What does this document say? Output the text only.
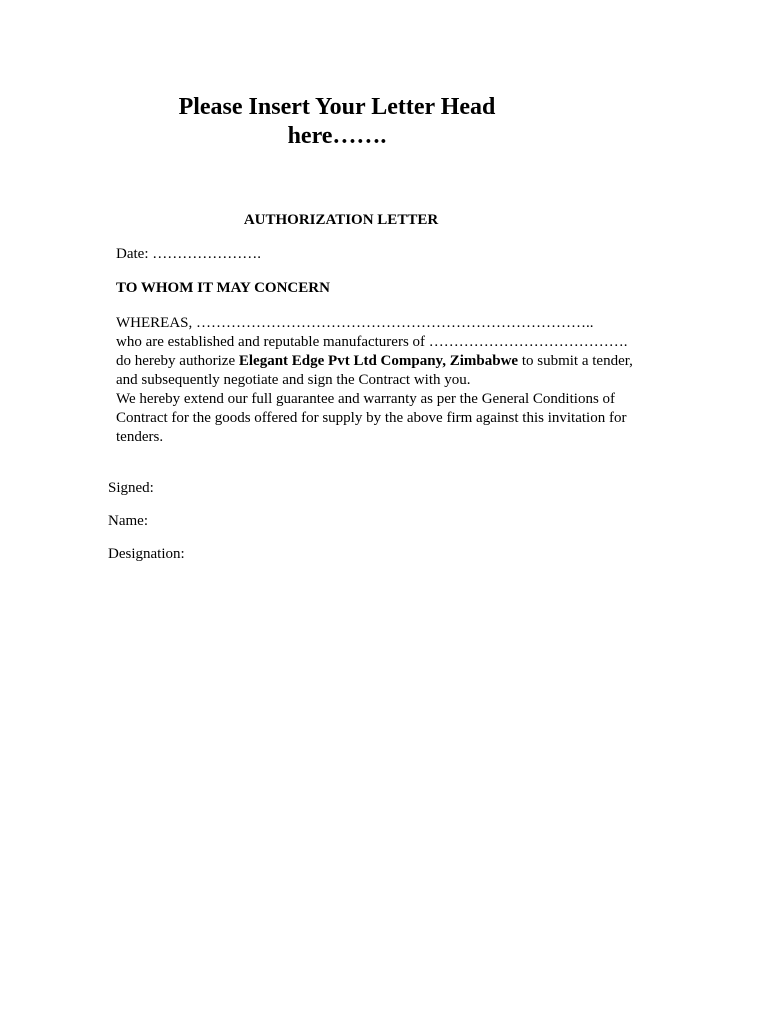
Please Insert Your Letter Head
here…….
AUTHORIZATION LETTER
Date: ………………….
TO WHOM IT MAY CONCERN
WHEREAS, ……………………………………………………………………..
who are established and reputable manufacturers of ………………………………….
do hereby authorize Elegant Edge Pvt Ltd Company, Zimbabwe to submit a tender,
and subsequently negotiate and sign the Contract with you.
We hereby extend our full guarantee and warranty as per the General Conditions of
Contract for the goods offered for supply by the above firm against this invitation for
tenders.
Signed:
Name:
Designation:
